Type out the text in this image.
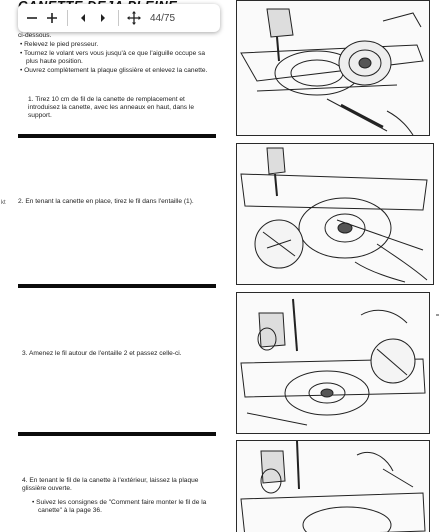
ci-dessous.

• Relevez le pied presseur.

• Tournez le volant vers vous jusqu'à ce que l'aiguille occupe sa plus haute position.

• Ouvrez complètement la plaque glissière et enlevez la canette.

1. Tirez 10 cm de fil de la canette de remplacement et introduisez la canette, avec les anneaux en haut, dans le support.
kt 2. En tenant la canette en place, tirez le fil dans l'entaille (1).
3. Amenez le fil autour de l'entaille 2 et passez celle-ci.

4. En tenant le fil de la canette à l'extérieur, laissez la plaque glissière ouverte.

• Suivez les consignes de "Comment faire monter le fil de la canette" à la page 36.

44/75
